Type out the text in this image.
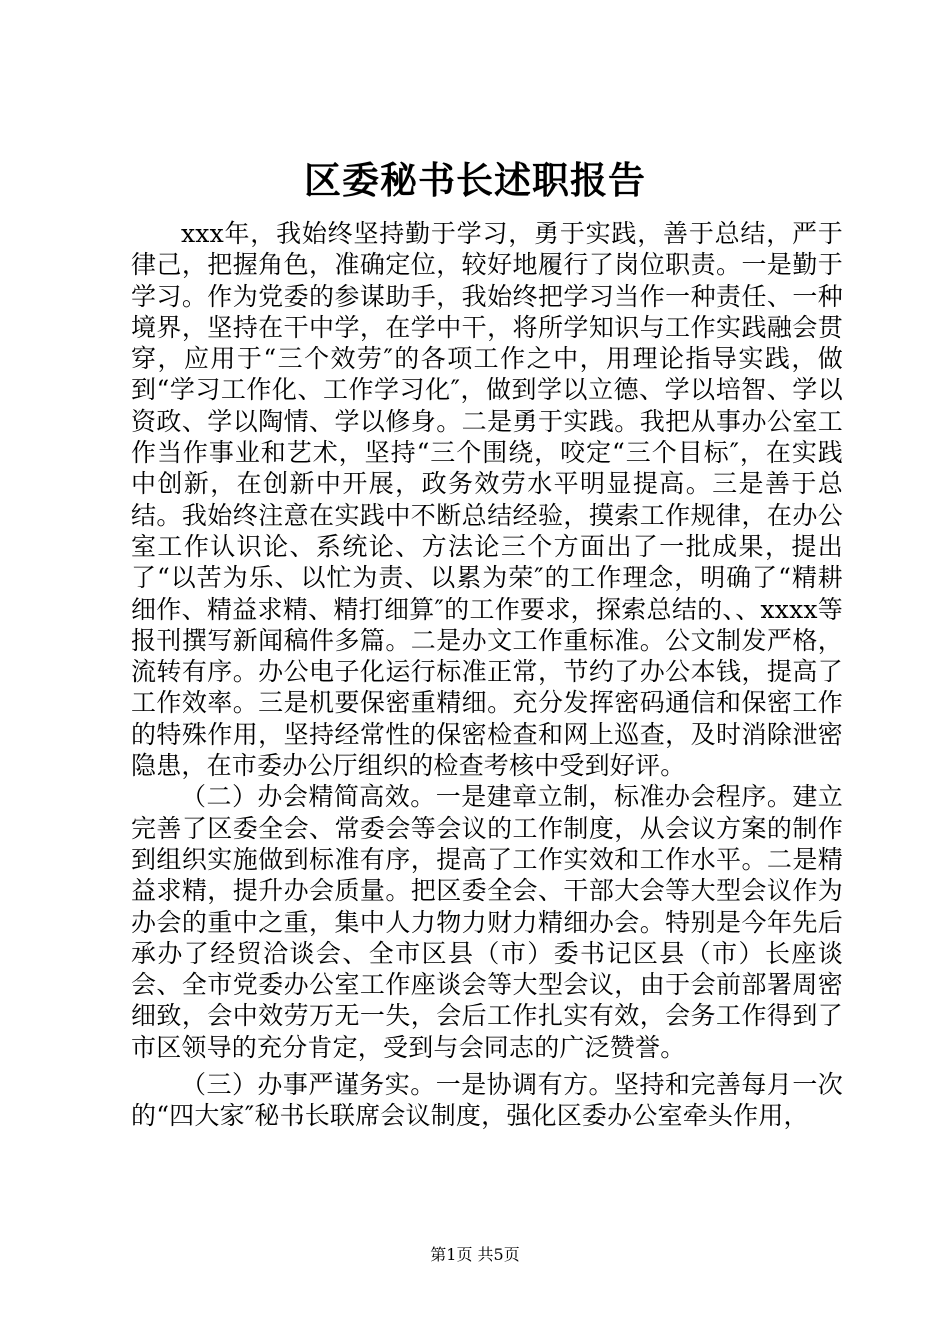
区委秘书长述职报告

xxx年，我始终坚持勤于学习，勇于实践，善于总结，严于律己，把握角色，准确定位，较好地履行了岗位职责。一是勤于学习。作为党委的参谋助手，我始终把学习当作一种责任、一种境界，坚持在干中学，在学中干，将所学知识与工作实践融会贯穿，应用于“三个效劳″的各项工作之中，用理论指导实践，做到“学习工作化、工作学习化″，做到学以立德、学以培智、学以资政、学以陶情、学以修身。二是勇于实践。我把从事办公室工作当作事业和艺术，坚持“三个围绕，咬定“三个目标″，在实践中创新，在创新中开展，政务效劳水平明显提高。三是善于总结。我始终注意在实践中不断总结经验，摸索工作规律，在办公室工作认识论、系统论、方法论三个方面出了一批成果，提出了“以苦为乐、以忙为责、以累为荣″的工作理念，明确了“精耕细作、精益求精、精打细算″的工作要求，探索总结的、、xxxx等报刊撰写新闻稿件多篇。二是办文工作重标准。公文制发严格，流转有序。办公电子化运行标准正常，节约了办公本钱，提高了工作效率。三是机要保密重精细。充分发挥密码通信和保密工作的特殊作用，坚持经常性的保密检查和网上巡查，及时消除泄密隐患，在市委办公厅组织的检查考核中受到好评。

（二）办会精简高效。一是建章立制，标准办会程序。建立完善了区委全会、常委会等会议的工作制度，从会议方案的制作到组织实施做到标准有序，提高了工作实效和工作水平。二是精益求精，提升办会质量。把区委全会、干部大会等大型会议作为办会的重中之重，集中人力物力财力精细办会。特别是今年先后承办了经贸洽谈会、全市区县（市）委书记区县（市）长座谈会、全市党委办公室工作座谈会等大型会议，由于会前部署周密细致，会中效劳万无一失，会后工作扎实有效，会务工作得到了市区领导的充分肯定，受到与会同志的广泛赞誉。

（三）办事严谨务实。一是协调有方。坚持和完善每月一次的“四大家″秘书长联席会议制度，强化区委办公室牵头作用，

第1页 共5页
